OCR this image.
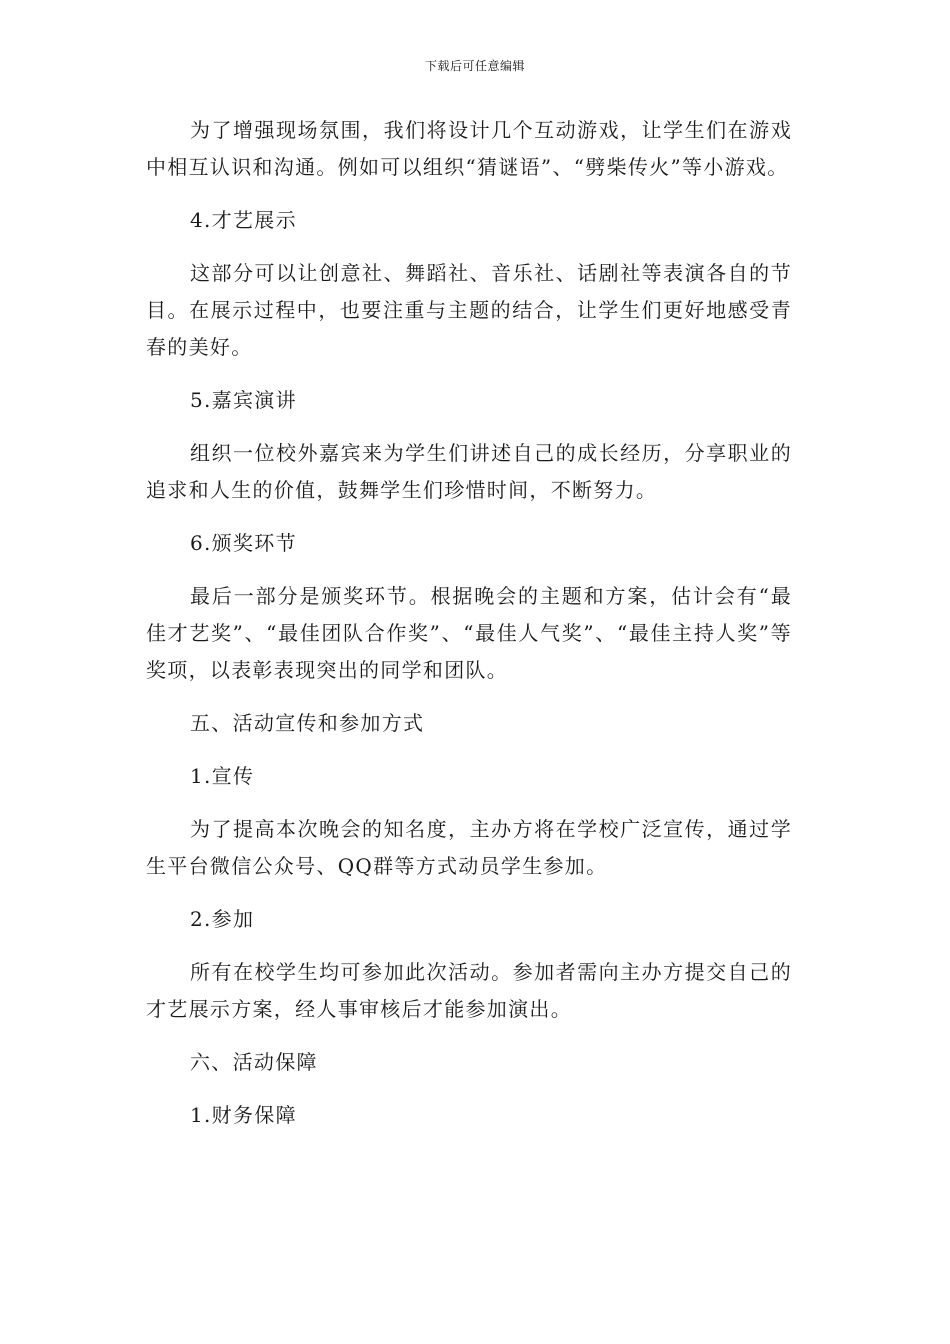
下载后可任意编辑

为了增强现场氛围，我们将设计几个互动游戏，让学生们在游戏中相互认识和沟通。例如可以组织“猜谜语”、“劈柴传火”等小游戏。

4.才艺展示

这部分可以让创意社、舞蹈社、音乐社、话剧社等表演各自的节目。在展示过程中，也要注重与主题的结合，让学生们更好地感受青春的美好。

5.嘉宾演讲

组织一位校外嘉宾来为学生们讲述自己的成长经历，分享职业的追求和人生的价值，鼓舞学生们珍惜时间，不断努力。

6.颁奖环节

最后一部分是颁奖环节。根据晚会的主题和方案，估计会有“最佳才艺奖”、“最佳团队合作奖”、“最佳人气奖”、“最佳主持人奖”等奖项，以表彰表现突出的同学和团队。

五、活动宣传和参加方式

1.宣传

为了提高本次晚会的知名度，主办方将在学校广泛宣传，通过学生平台微信公众号、QQ群等方式动员学生参加。

2.参加

所有在校学生均可参加此次活动。参加者需向主办方提交自己的才艺展示方案，经人事审核后才能参加演出。

六、活动保障

1.财务保障
